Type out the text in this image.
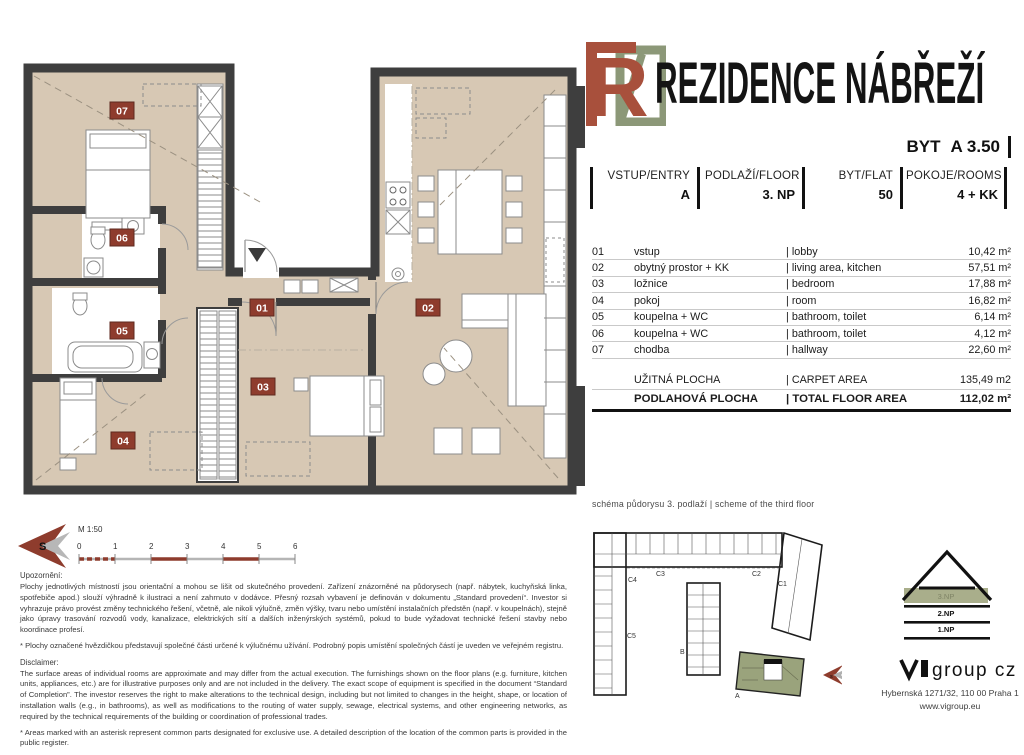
07
06
05
04
01	02
03
R REZIDENCE NÁBŘEŽÍ
BYT A 3.50
VSTUP/ENTRY
A
PODLAŽÍ/FLOOR
3. NP
BYT/FLAT
50
POKOJE/ROOMS
4 + KK
01	vstup	| lobby	10,42 m²
02	obytný prostor + KK	| living area, kitchen	57,51 m²
03	ložnice	| bedroom	17,88 m²
04	pokoj	| room	16,82 m²
05	koupelna + WC	| bathroom, toilet	6,14 m²
06	koupelna + WC	| bathroom, toilet	4,12 m²
07	chodba	| hallway	22,60 m²
UŽITNÁ PLOCHA	| CARPET AREA	135,49 m2
PODLAHOVÁ PLOCHA	| TOTAL FLOOR AREA	112,02 m²
S
M 1:50
0	1	2	3	4	5	6
schéma půdorysu 3. podlaží | scheme of the third floor
C4
C3	C2
C1
C5
B
A
s
3.NP
2.NP
1.NP

Upozornění:

Plochy jednotlivých místností jsou orientační a mohou se lišit od skutečného provedení. Zařízení znázorněné na půdorysech (např. nábytek, kuchyňská linka, spotřebiče apod.) slouží výhradně k ilustraci a není zahrnuto v dodávce. Přesný rozsah vybavení je definován v dokumentu „Standard provedení“. Investor si vyhrazuje právo provést změny technického řešení, včetně, ale nikoli výlučně, změn výšky, tvaru nebo umístění instalačních předstěn (např. v koupelnách), stejně jako úpravy trasování rozvodů vody, kanalizace, elektrických sítí a dalších inženýrských systémů, pokud to bude vyžadovat technické řešení stavby nebo koordinace profesí.

* Plochy označené hvězdičkou představují společné části určené k výlučnému užívání. Podrobný popis umístění společných částí je uveden ve veřejném registru.

Disclaimer:

The surface areas of individual rooms are approximate and may differ from the actual execution. The furnishings shown on the floor plans (e.g. furniture, kitchen units, appliances, etc.) are for illustrative purposes only and are not included in the delivery. The exact scope of equipment is specified in the document “Standard of Completion”. The investor reserves the right to make alterations to the technical design, including but not limited to changes in the height, shape, or location of installation walls (e.g., in bathrooms), as well as modifications to the routing of water supply, sewage, electrical systems, and other engineering networks, as required by the technical requirements of the building or coordination of professional trades.

* Areas marked with an asterisk represent common parts designated for exclusive use. A detailed description of the location of the common parts is provided in the public register.

group cz
Hybernská 1271/32, 110 00 Praha 1
www.vigroup.eu
